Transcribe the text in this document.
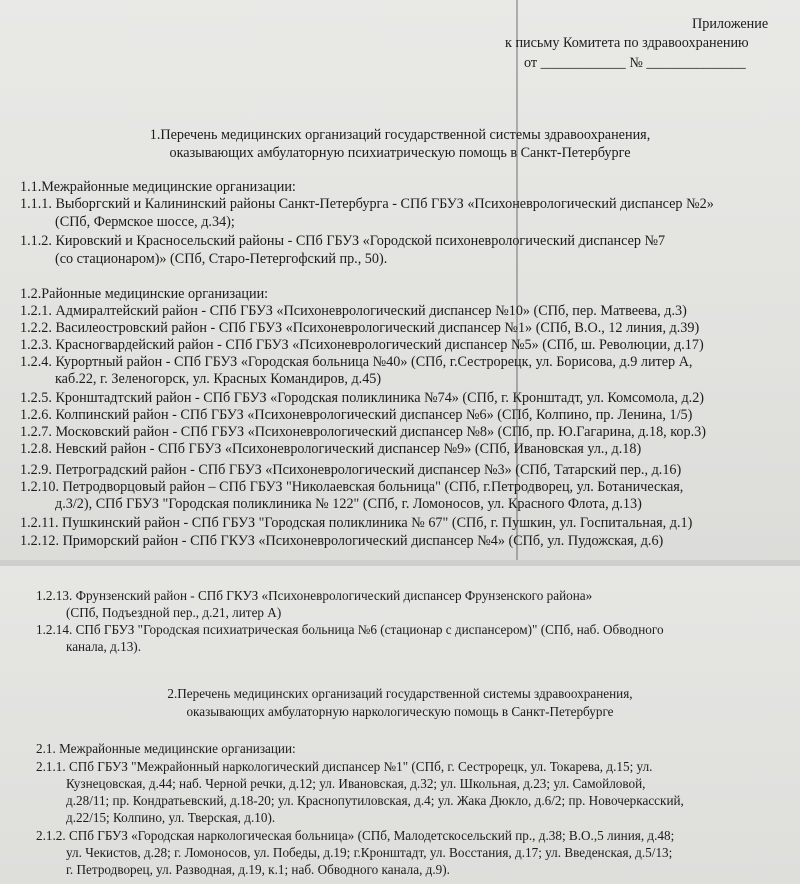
Приложение
к письму Комитета по здравоохранению
от ____________ № ______________
1.Перечень медицинских организаций государственной системы здравоохранения,
оказывающих амбулаторную психиатрическую помощь в Санкт-Петербурге
1.1.Межрайонные медицинские организации:
1.1.1. Выборгский и Калининский районы Санкт-Петербурга - СПб ГБУЗ «Психоневрологический диспансер №2»
(СПб, Фермское шоссе, д.34);
1.1.2. Кировский и Красносельский районы - СПб ГБУЗ «Городской психоневрологический диспансер №7
(со стационаром)» (СПб, Старо-Петергофский пр., 50).
1.2.Районные медицинские организации:
1.2.1. Адмиралтейский район - СПб ГБУЗ «Психоневрологический диспансер №10» (СПб, пер. Матвеева, д.3)
1.2.2. Василеостровский район - СПб ГБУЗ «Психоневрологический диспансер №1» (СПб, В.О., 12 линия, д.39)
1.2.3. Красногвардейский район - СПб ГБУЗ «Психоневрологический диспансер №5» (СПб, ш. Революции, д.17)
1.2.4. Курортный район - СПб ГБУЗ «Городская больница №40» (СПб, г.Сестрорецк, ул. Борисова, д.9 литер А,
каб.22, г. Зеленогорск, ул. Красных Командиров, д.45)
1.2.5. Кронштадтский район - СПб ГБУЗ «Городская поликлиника №74» (СПб, г. Кронштадт, ул. Комсомола, д.2)
1.2.6. Колпинский район - СПб ГБУЗ «Психоневрологический диспансер №6» (СПб, Колпино, пр. Ленина, 1/5)
1.2.7. Московский район - СПб ГБУЗ «Психоневрологический диспансер №8» (СПб, пр. Ю.Гагарина, д.18, кор.3)
1.2.8. Невский район - СПб ГБУЗ «Психоневрологический диспансер №9» (СПб, Ивановская ул., д.18)
1.2.9. Петроградский район - СПб ГБУЗ «Психоневрологический диспансер №3» (СПб, Татарский пер., д.16)
1.2.10. Петродворцовый район – СПб ГБУЗ "Николаевская больница" (СПб, г.Петродворец, ул. Ботаническая,
д.3/2), СПб ГБУЗ "Городская поликлиника № 122" (СПб, г. Ломоносов, ул. Красного Флота, д.13)
1.2.11. Пушкинский район - СПб ГБУЗ "Городская поликлиника № 67" (СПб, г. Пушкин, ул. Госпитальная, д.1)
1.2.12. Приморский район - СПб ГКУЗ «Психоневрологический диспансер №4» (СПб, ул. Пудожская, д.6)
1.2.13. Фрунзенский район - СПб ГКУЗ «Психоневрологический диспансер Фрунзенского района»
(СПб, Подъездной пер., д.21, литер А)
1.2.14. СПб ГБУЗ "Городская психиатрическая больница №6 (стационар с диспансером)" (СПб, наб. Обводного
канала, д.13).
2.Перечень медицинских организаций государственной системы здравоохранения,
оказывающих амбулаторную наркологическую помощь в Санкт-Петербурге
2.1. Межрайонные медицинские организации:
2.1.1. СПб ГБУЗ "Межрайонный наркологический диспансер №1" (СПб, г. Сестрорецк, ул. Токарева, д.15; ул.
Кузнецовская, д.44; наб. Черной речки, д.12; ул. Ивановская, д.32; ул. Школьная, д.23; ул. Самойловой,
д.28/11; пр. Кондратьевский, д.18-20; ул. Краснопутиловская, д.4; ул. Жака Дюкло, д.6/2; пр. Новочеркасский,
д.22/15; Колпино, ул. Тверская, д.10).
2.1.2. СПб ГБУЗ «Городская наркологическая больница» (СПб, Малодетскосельский пр., д.38; В.О.,5 линия, д.48;
ул. Чекистов, д.28; г. Ломоносов, ул. Победы, д.19; г.Кронштадт, ул. Восстания, д.17; ул. Введенская, д.5/13;
г. Петродворец, ул. Разводная, д.19, к.1; наб. Обводного канала, д.9).
